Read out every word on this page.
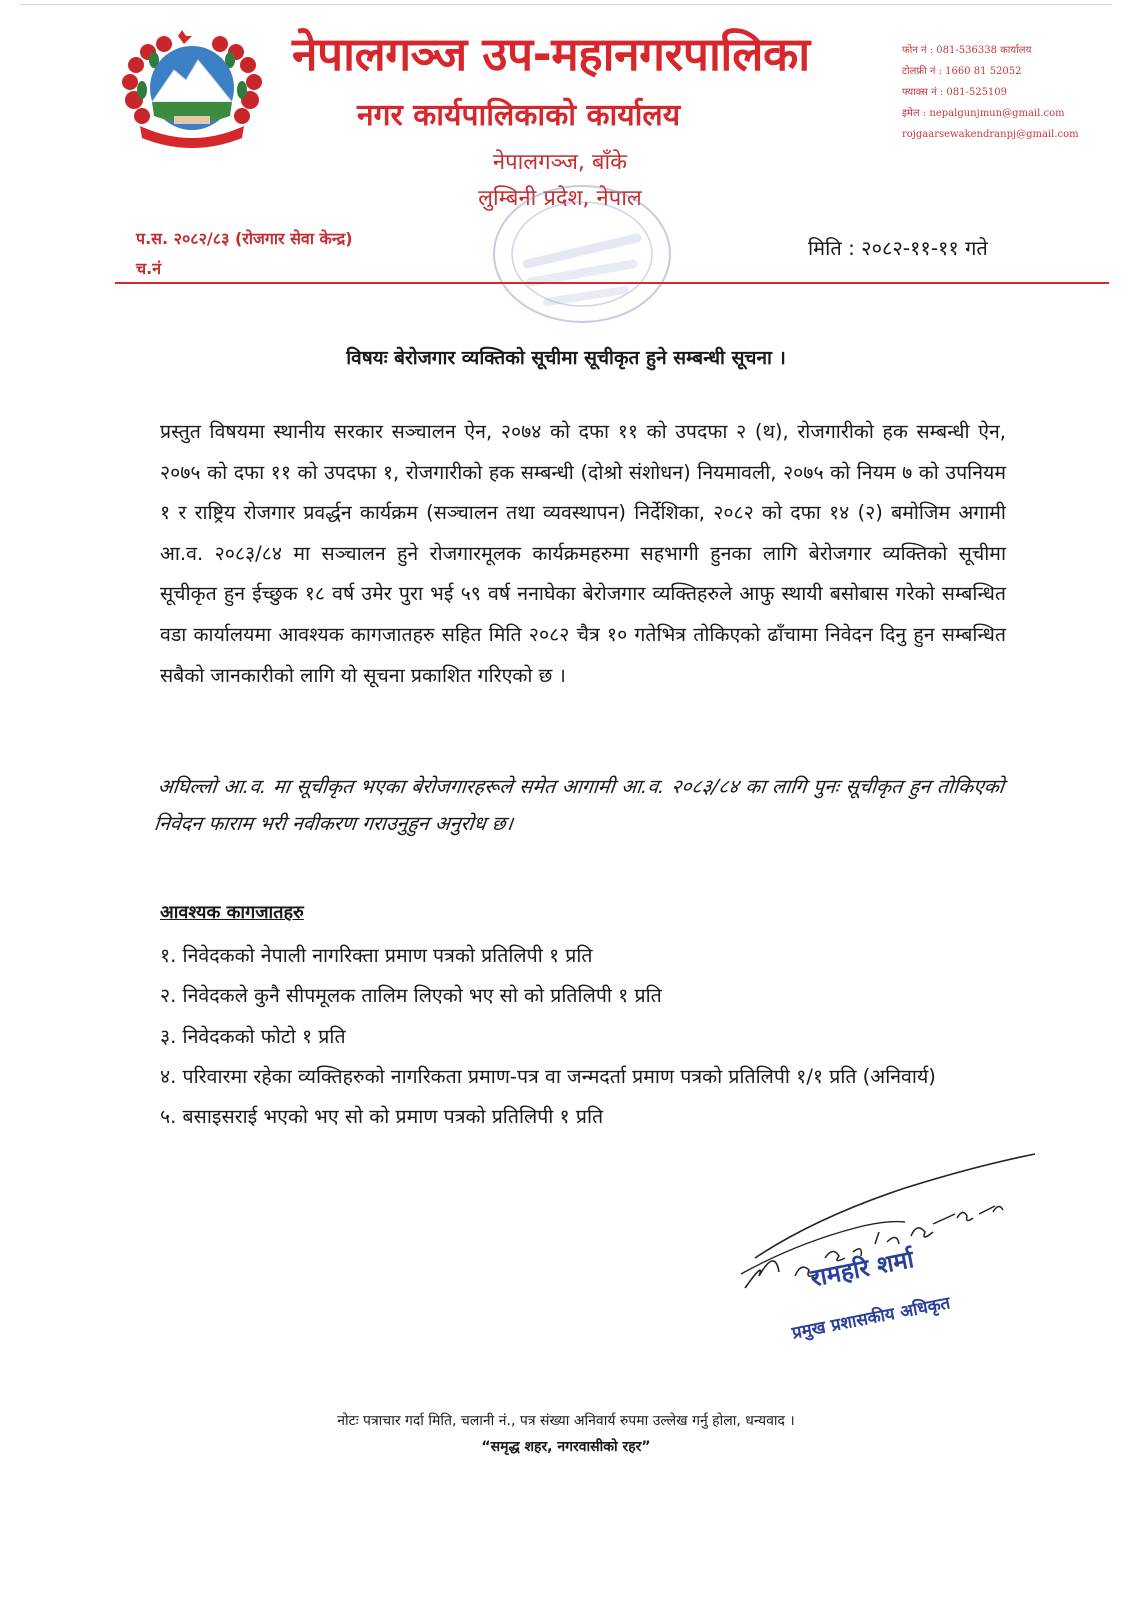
नेपालगञ्ज उप-महानगरपालिका
नगर कार्यपालिकाको कार्यालय
फोन नं : 081-536338 कार्यालय
टोलफ्री नं : 1660 81 52052
फ्याक्स नं : 081-525109
इमेल : nepalgunjmun@gmail.com
rojgaarsewakendranpj@gmail.com
नेपालगञ्ज, बाँके
लुम्बिनी प्रदेश, नेपाल
प.स. २०८२/८३ (रोजगार सेवा केन्द्र)
च.नं
मिति : २०८२-११-११ गते
विषयः बेरोजगार व्यक्तिको सूचीमा सूचीकृत हुने सम्बन्धी सूचना ।
प्रस्तुत विषयमा स्थानीय सरकार सञ्चालन ऐन, २०७४ को दफा ११ को उपदफा २ (थ), रोजगारीको हक सम्बन्धी ऐन, २०७५ को दफा ११ को उपदफा १, रोजगारीको हक सम्बन्धी (दोश्रो संशोधन) नियमावली, २०७५ को नियम ७ को उपनियम १ र राष्ट्रिय रोजगार प्रवर्द्धन कार्यक्रम (सञ्चालन तथा व्यवस्थापन) निर्देशिका, २०८२ को दफा १४ (२) बमोजिम अगामी आ.व. २०८३/८४ मा सञ्चालन हुने रोजगारमूलक कार्यक्रमहरुमा सहभागी हुनका लागि बेरोजगार व्यक्तिको सूचीमा सूचीकृत हुन ईच्छुक १८ वर्ष उमेर पुरा भई ५९ वर्ष ननाघेका बेरोजगार व्यक्तिहरुले आफु स्थायी बसोबास गरेको सम्बन्धित वडा कार्यालयमा आवश्यक कागजातहरु सहित मिति २०८२ चैत्र १० गतेभित्र तोकिएको ढाँचामा निवेदन दिनु हुन सम्बन्धित सबैको जानकारीको लागि यो सूचना प्रकाशित गरिएको छ ।
अघिल्लो आ.व. मा सूचीकृत भएका बेरोजगारहरूले समेत आगामी आ.व. २०८३/८४ का लागि पुनः सूचीकृत हुन तोकिएको निवेदन फाराम भरी नवीकरण गराउनुहुन अनुरोध छ।
आवश्यक कागजातहरु
१. निवेदकको नेपाली नागरिक्ता प्रमाण पत्रको प्रतिलिपी १ प्रति
२. निवेदकले कुनै सीपमूलक तालिम लिएको भए सो को प्रतिलिपी १ प्रति
३. निवेदकको फोटो १ प्रति
४. परिवारमा रहेका व्यक्तिहरुको नागरिकता प्रमाण-पत्र वा जन्मदर्ता प्रमाण पत्रको प्रतिलिपी १/१ प्रति (अनिवार्य)
५. बसाइसराई भएको भए सो को प्रमाण पत्रको प्रतिलिपी १ प्रति
रामहरि शर्मा
प्रमुख प्रशासकीय अधिकृत
नोटः पत्राचार गर्दा मिति, चलानी नं., पत्र संख्या अनिवार्य रुपमा उल्लेख गर्नु होला, धन्यवाद ।
“समृद्ध शहर, नगरवासीको रहर”
